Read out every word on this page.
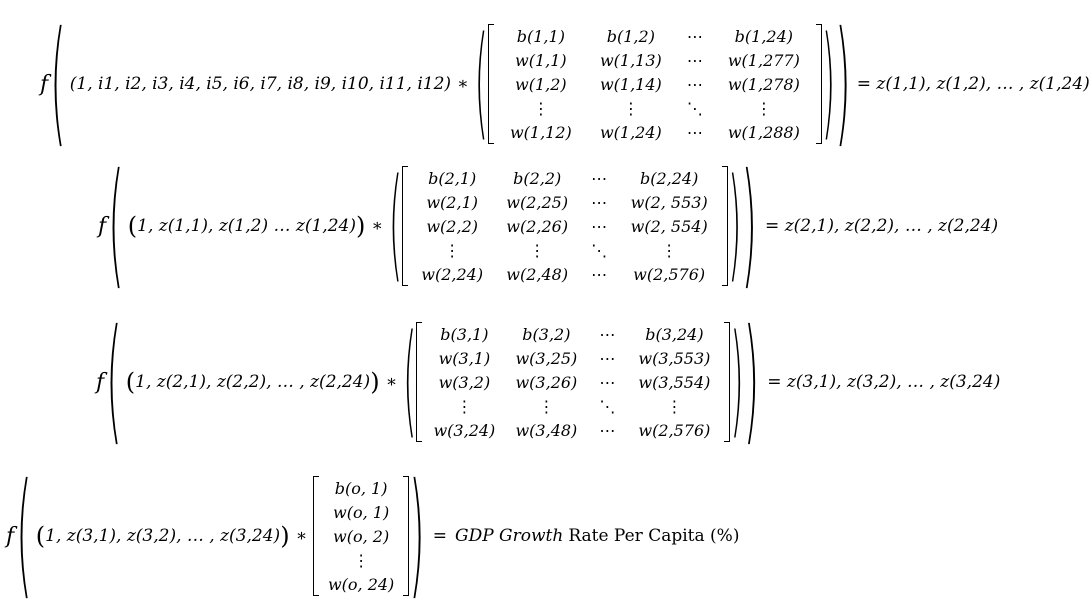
f ( (1, i1, i2, i3, i4, i5, i6, i7, i8, i9, i10, i11, i12) ∗ (	b(1,1)	b(1,2)	⋯	b(1,24)
w(1,1)	w(1,13)	⋯	w(1,277)
w(1,2)	w(1,14)	⋯	w(1,278)
⋮	⋮	⋱	⋮
w(1,12)	w(1,24)	⋯	w(1,288) ) ) = z(1,1), z(1,2), … , z(1,24)
f ( ( 1, z(1,1), z(1,2) … z(1,24) ) ∗ (	b(2,1)	b(2,2)	⋯	b(2,24)
w(2,1)	w(2,25)	⋯	w(2, 553)
w(2,2)	w(2,26)	⋯	w(2, 554)
⋮	⋮	⋱	⋮
w(2,24)	w(2,48)	⋯	w(2,576) ) ) = z(2,1), z(2,2), … , z(2,24)
f ( ( 1, z(2,1), z(2,2), … , z(2,24) ) ∗ (	b(3,1)	b(3,2)	⋯	b(3,24)
w(3,1)	w(3,25)	⋯	w(3,553)
w(3,2)	w(3,26)	⋯	w(3,554)
⋮	⋮	⋱	⋮
w(3,24)	w(3,48)	⋯	w(2,576) ) ) = z(3,1), z(3,2), … , z(3,24)
f ( ( 1, z(3,1), z(3,2), … , z(3,24) ) ∗
b(o, 1)
w(o, 1)
w(o, 2)
⋮
w(o, 24) ) = GDP Growth Rate Per Capita (%)
